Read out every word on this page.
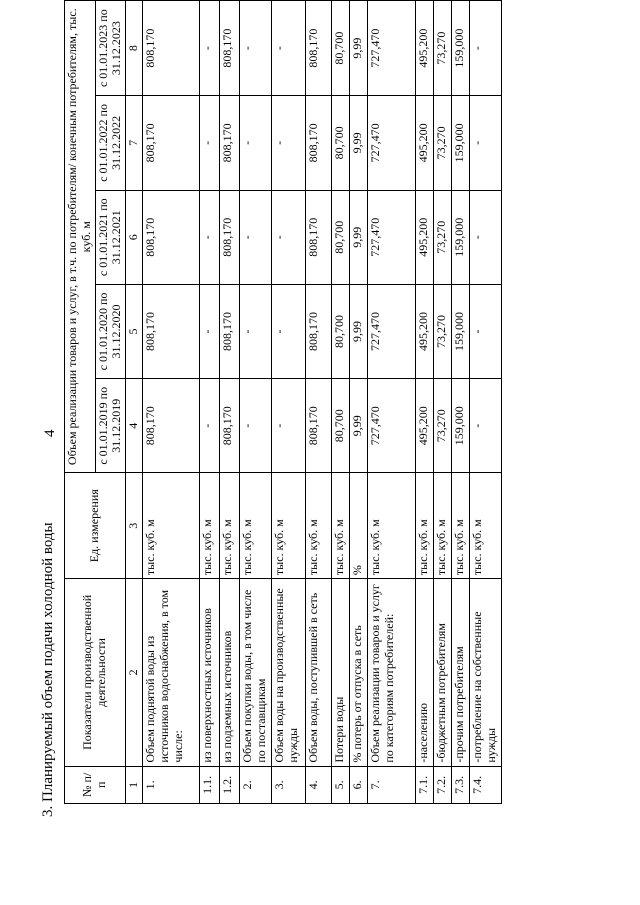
3. Планируемый объем подачи холодной воды
4
№ п/п	Показатели производственной деятельности	Ед. измерения	Объем реализации товаров и услуг, в т.ч. по потребителям/ конечным потребителям, тыс. куб. м				
			с 01.01.2019 по 31.12.2019	с 01.01.2020 по 31.12.2020	с 01.01.2021 по 31.12.2021	с 01.01.2022 по 31.12.2022	с 01.01.2023 по 31.12.2023
1	2	3	4	5	6	7	8
1.	Объем поднятой воды из источников водоснабжения, в том числе:	тыс. куб. м	808,170	808,170	808,170	808,170	808,170
1.1.	из поверхностных источников	тыс. куб. м	-	-	-	-	-
1.2.	из подземных источников	тыс. куб. м	808,170	808,170	808,170	808,170	808,170
2.	Объем покупки воды, в том числе по поставщикам	тыс. куб. м	-	-	-	-	-
3.	Объем воды на производственные нужды	тыс. куб. м	-	-	-	-	-
4.	Объем воды, поступившей в сеть	тыс. куб. м	808,170	808,170	808,170	808,170	808,170
5.	Потери воды	тыс. куб. м	80,700	80,700	80,700	80,700	80,700
6.	% потерь от отпуска в сеть	%	9,99	9,99	9,99	9,99	9,99
7.	Объем реализации товаров и услуг по категориям потребителей:	тыс. куб. м	727,470	727,470	727,470	727,470	727,470
7.1.	-населению	тыс. куб. м	495,200	495,200	495,200	495,200	495,200
7.2.	-бюджетным потребителям	тыс. куб. м	73,270	73,270	73,270	73,270	73,270
7.3.	-прочим потребителям	тыс. куб. м	159,000	159,000	159,000	159,000	159,000
7.4.	-потребление на собственные нужды	тыс. куб. м	-	-	-	-	-
